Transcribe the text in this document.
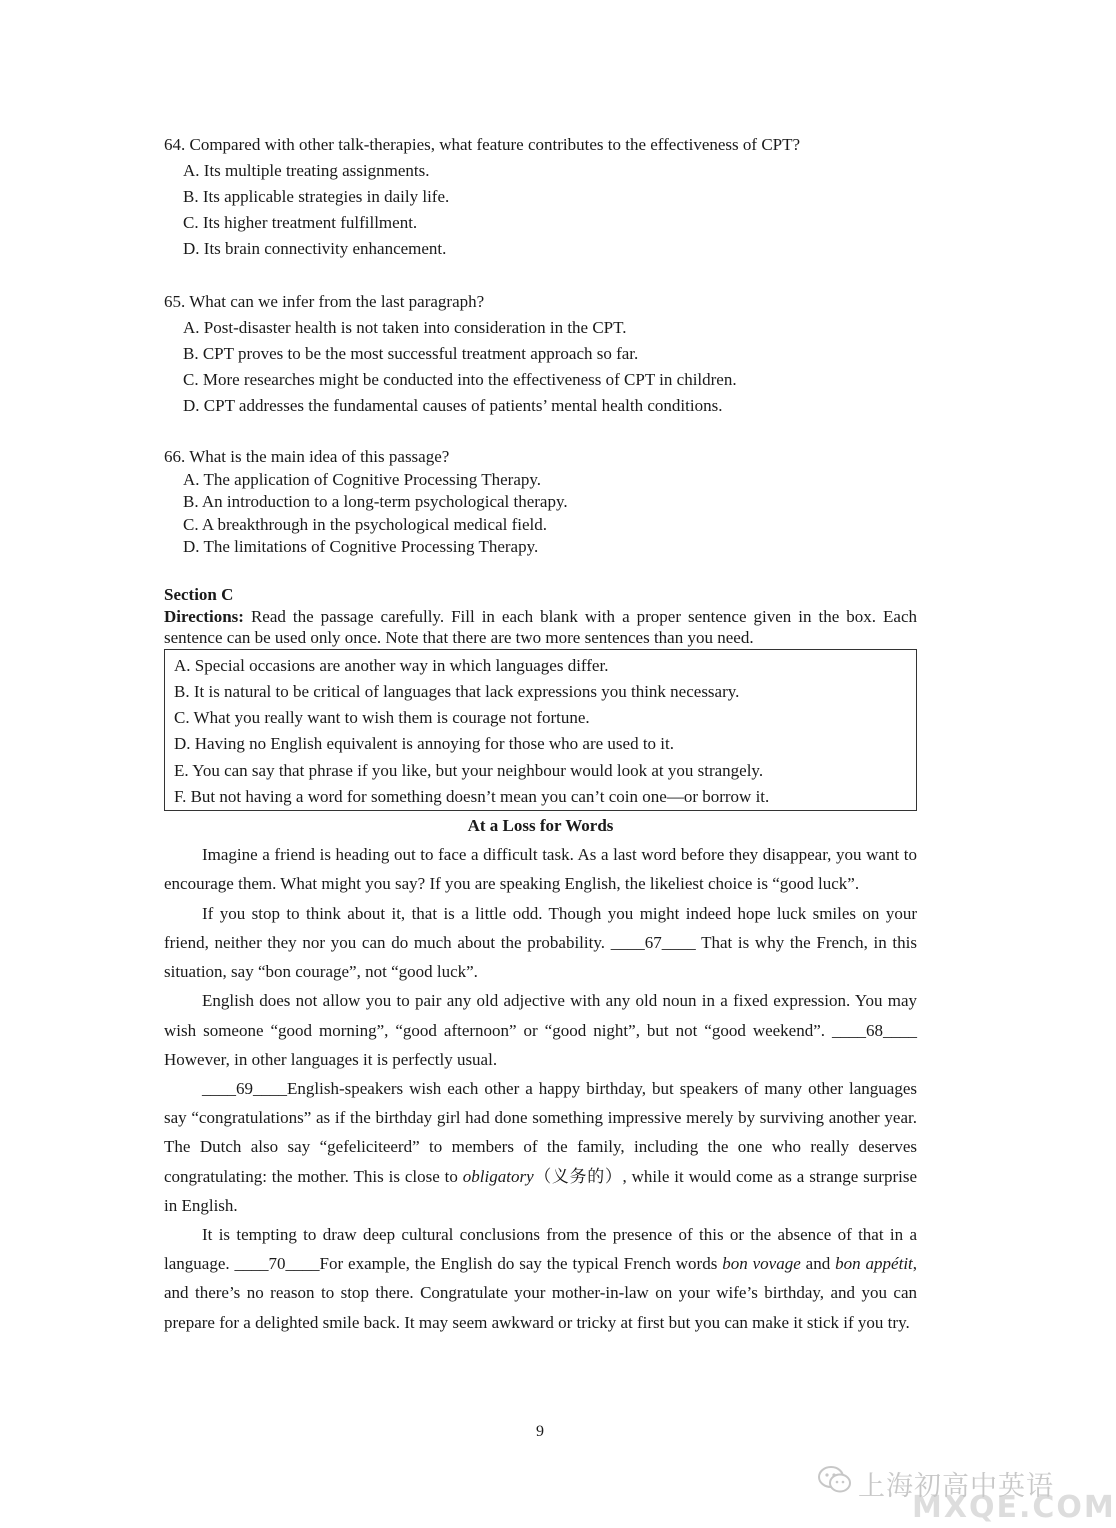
64. Compared with other talk-therapies, what feature contributes to the effectiveness of CPT?
A. Its multiple treating assignments.
B. Its applicable strategies in daily life.
C. Its higher treatment fulfillment.
D. Its brain connectivity enhancement.
65. What can we infer from the last paragraph?
A. Post-disaster health is not taken into consideration in the CPT.
B. CPT proves to be the most successful treatment approach so far.
C. More researches might be conducted into the effectiveness of CPT in children.
D. CPT addresses the fundamental causes of patients’ mental health conditions.
66. What is the main idea of this passage?
A. The application of Cognitive Processing Therapy.
B. An introduction to a long-term psychological therapy.
C. A breakthrough in the psychological medical field.
D. The limitations of Cognitive Processing Therapy.
Section C
Directions: Read the passage carefully. Fill in each blank with a proper sentence given in the box. Each sentence can be used only once. Note that there are two more sentences than you need.
A. Special occasions are another way in which languages differ.
B. It is natural to be critical of languages that lack expressions you think necessary.
C. What you really want to wish them is courage not fortune.
D. Having no English equivalent is annoying for those who are used to it.
E. You can say that phrase if you like, but your neighbour would look at you strangely.
F. But not having a word for something doesn’t mean you can’t coin one—or borrow it.
At a Loss for Words

Imagine a friend is heading out to face a difficult task. As a last word before they disappear, you want to encourage them. What might you say? If you are speaking English, the likeliest choice is “good luck”.

If you stop to think about it, that is a little odd. Though you might indeed hope luck smiles on your friend, neither they nor you can do much about the probability. ____67____ That is why the French, in this situation, say “bon courage”, not “good luck”.

English does not allow you to pair any old adjective with any old noun in a fixed expression. You may wish someone “good morning”, “good afternoon” or “good night”, but not “good weekend”. ____68____ However, in other languages it is perfectly usual.

____69____English-speakers wish each other a happy birthday, but speakers of many other languages say “congratulations” as if the birthday girl had done something impressive merely by surviving another year. The Dutch also say “gefeliciteerd” to members of the family, including the one who really deserves congratulating: the mother. This is close to obligatory（义务的）, while it would come as a strange surprise in English.

It is tempting to draw deep cultural conclusions from the presence of this or the absence of that in a language. ____70____For example, the English do say the typical French words bon vovage and bon appétit, and there’s no reason to stop there. Congratulate your mother-in-law on your wife’s birthday, and you can prepare for a delighted smile back. It may seem awkward or tricky at first but you can make it stick if you try.

9
上海初高中英语
MXQE.COM
